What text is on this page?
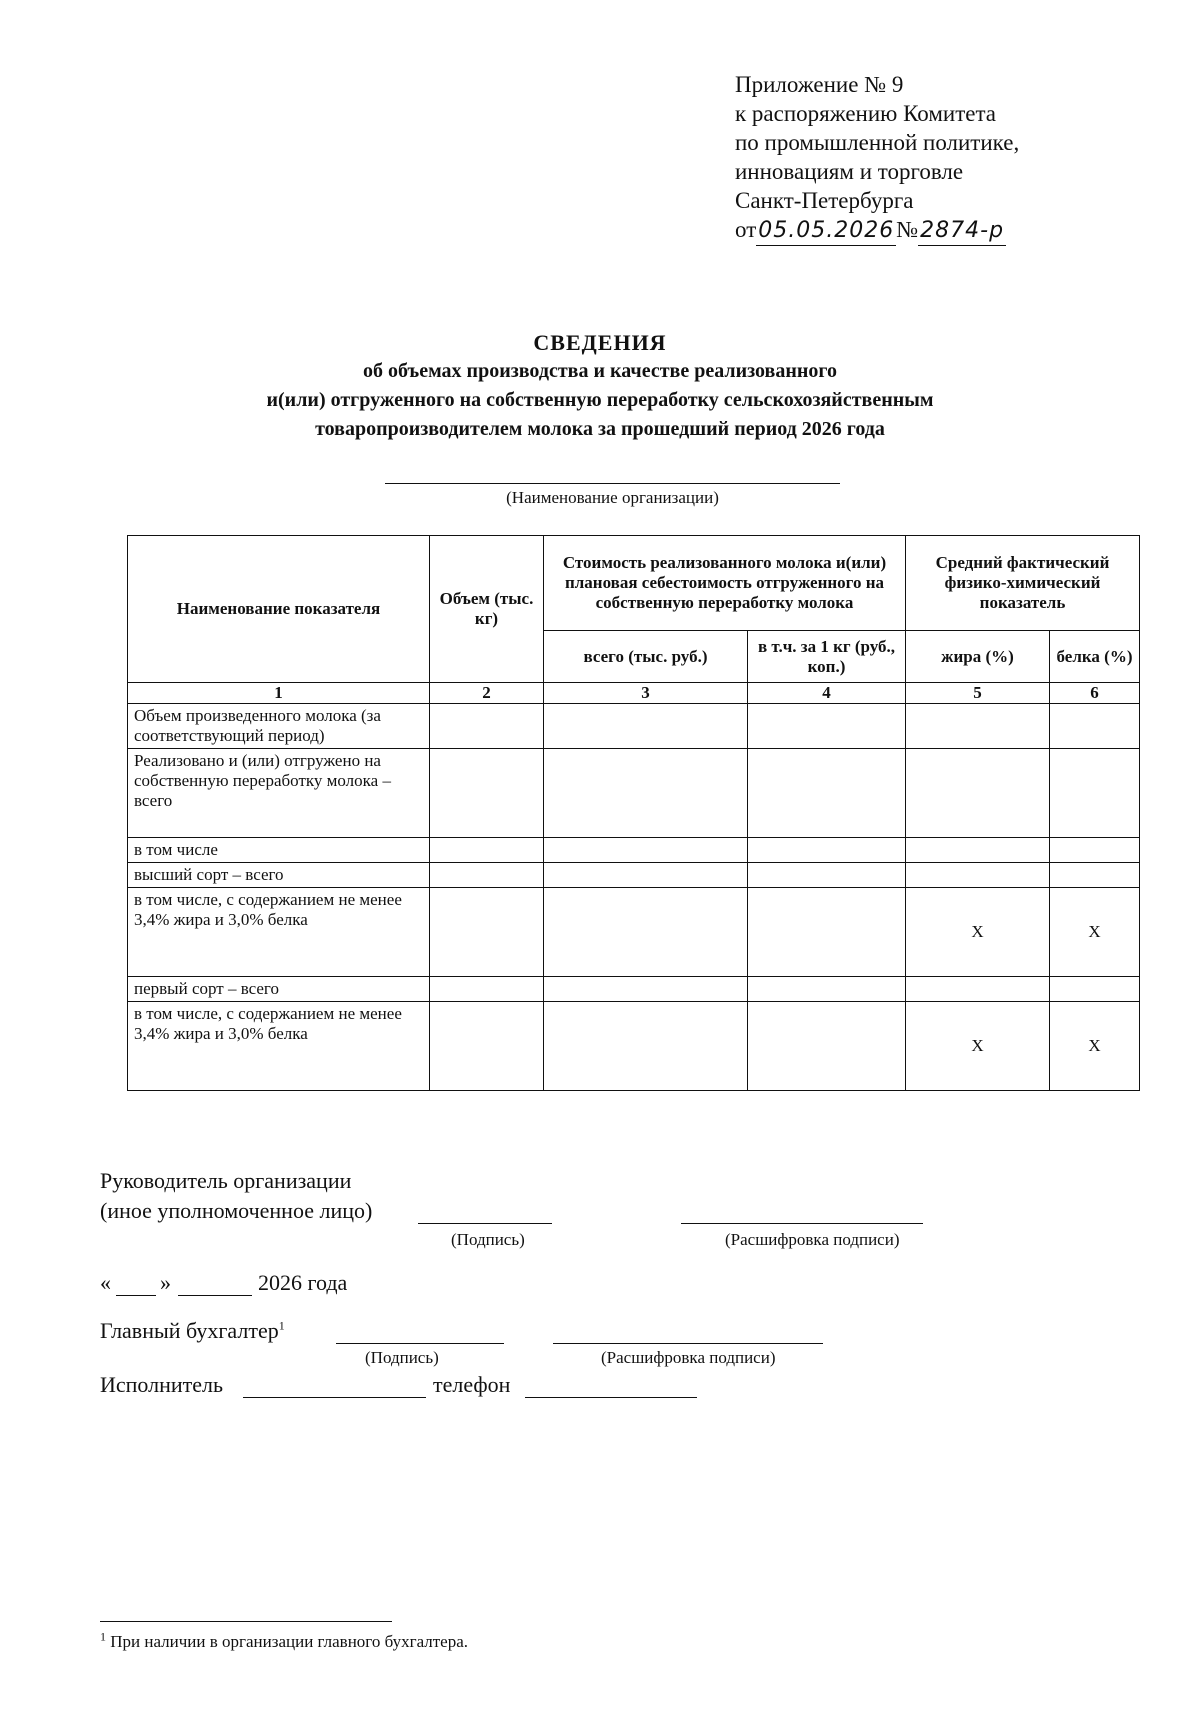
Приложение № 9
к распоряжению Комитета
по промышленной политике,
инновациям и торговле
Санкт-Петербурга
от05.05.2026№2874-р
СВЕДЕНИЯ
об объемах производства и качестве реализованного
и(или) отгруженного на собственную переработку сельскохозяйственным
товаропроизводителем молока за прошедший период 2026 года
(Наименование организации)
Наименование показателя	Объем (тыс. кг)	Стоимость реализованного молока и(или) плановая себестоимость отгруженного на собственную переработку молока		Средний фактический физико-химический показатель	
		всего (тыс. руб.)	в т.ч. за 1 кг (руб., коп.)	жира (%)	белка (%)
1	2	3	4	5	6
Объем произведенного молока (за соответствующий период)					
Реализовано и (или) отгружено на собственную переработку молока – всего					
в том числе					
высший сорт – всего					
в том числе, с содержанием не менее 3,4% жира и 3,0% белка				X	X
первый сорт – всего					
в том числе, с содержанием не менее 3,4% жира и 3,0% белка				X	X
Руководитель организации
(иное уполномоченное лицо)
(Подпись)	(Расшифровка подписи)
« »	2026 года
Главный бухгалтер$^1$
(Подпись)	(Расшифровка подписи)
Исполнитель	телефон
$^1$ При наличии в организации главного бухгалтера.
